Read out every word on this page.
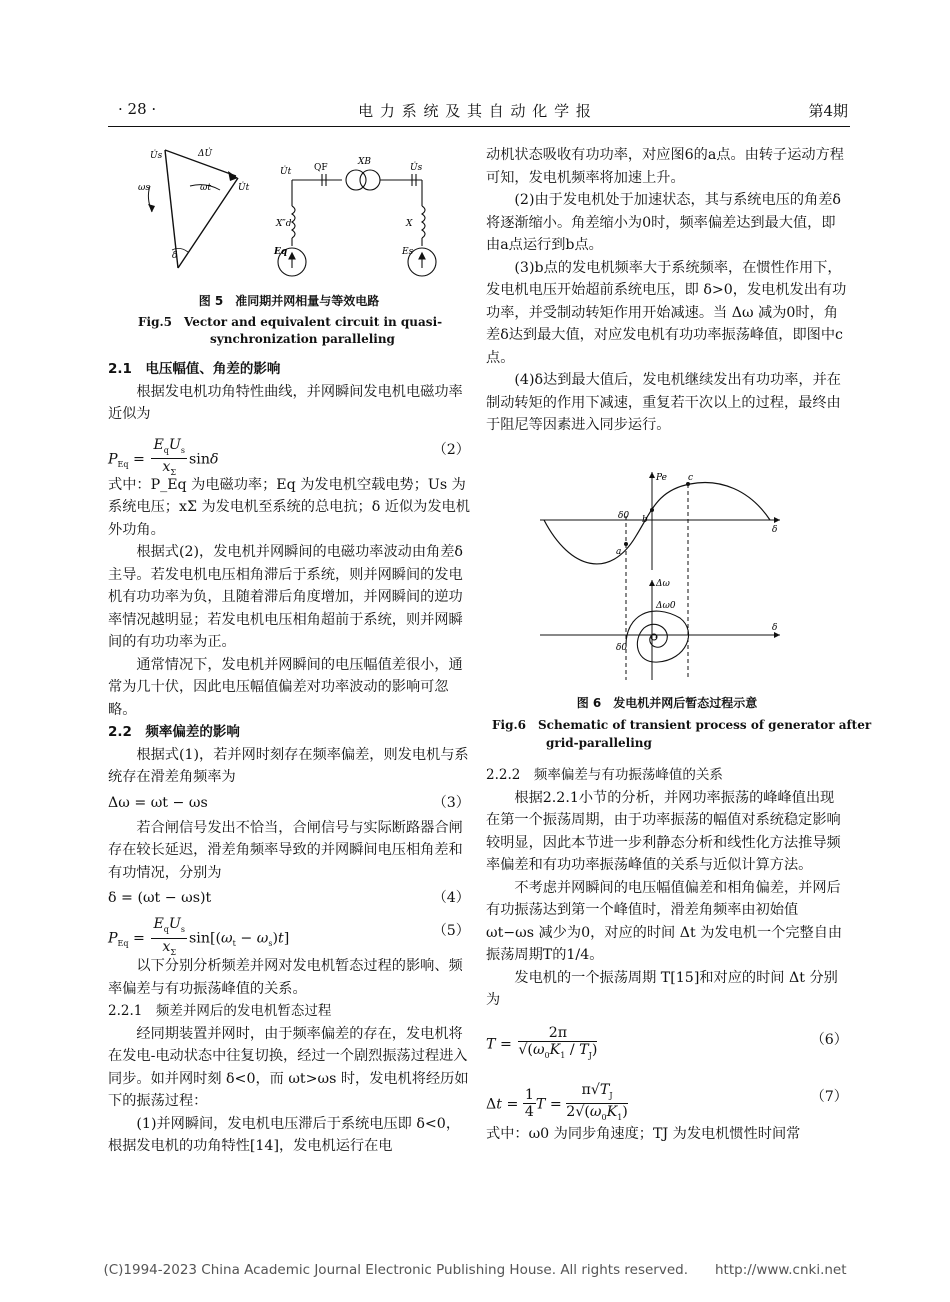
· 28 ·	电 力 系 统 及 其 自 动 化 学 报	第4期
U̇s	ΔU̇
U̇t
ωs	ωt
δ
U̇t	QF
XB
U̇s
X″d	X
Eq	Es
图 5　准同期并网相量与等效电路
Fig.5　Vector and equivalent circuit in quasi-
synchronization paralleling

2.1　电压幅值、角差的影响

根据发电机功角特性曲线，并网瞬间发电机电磁功率近似为

$P_{Eq} = \frac{E_qU_s}{x_\Sigma}$ sinδ
（2）

式中：P_Eq 为电磁功率；Eq 为发电机空载电势；Us 为系统电压；xΣ 为发电机至系统的总电抗；δ 近似为发电机外功角。

根据式(2)，发电机并网瞬间的电磁功率波动由角差δ主导。若发电机电压相角滞后于系统，则并网瞬间的发电机有功功率为负，且随着滞后角度增加，并网瞬间的逆功率情况越明显；若发电机电压相角超前于系统，则并网瞬间的有功功率为正。

通常情况下，发电机并网瞬间的电压幅值差很小，通常为几十伏，因此电压幅值偏差对功率波动的影响可忽略。

2.2　频率偏差的影响

根据式(1)，若并网时刻存在频率偏差，则发电机与系统存在滑差角频率为

Δω = ωt − ωs	（3）

若合闸信号发出不恰当，合闸信号与实际断路器合闸存在较长延迟，滑差角频率导致的并网瞬间电压相角差和有功情况，分别为

δ = (ωt − ωs)t	（4）
$P_{Eq} = \frac{E_qU_s}{x_\Sigma} \sin[(\omega_t - \omega_s)t]$	（5）

以下分别分析频差并网对发电机暂态过程的影响、频率偏差与有功振荡峰值的关系。

2.2.1　频差并网后的发电机暂态过程

经同期装置并网时，由于频率偏差的存在，发电机将在发电-电动状态中往复切换，经过一个剧烈振荡过程进入同步。如并网时刻 δ<0，而 ωt>ωs 时，发电机将经历如下的振荡过程：

(1)并网瞬间，发电机电压滞后于系统电压即 δ<0，根据发电机的功角特性[14]，发电机运行在电

动机状态吸收有功功率，对应图6的a点。由转子运动方程可知，发电机频率将加速上升。

(2)由于发电机处于加速状态，其与系统电压的角差δ将逐渐缩小。角差缩小为0时，频率偏差达到最大值，即由a点运行到b点。

(3)b点的发电机频率大于系统频率，在惯性作用下，发电机电压开始超前系统电压，即 δ>0，发电机发出有功功率，并受制动转矩作用开始减速。当 Δω 减为0时，角差δ达到最大值，对应发电机有功功率振荡峰值，即图中c点。

(4)δ达到最大值后，发电机继续发出有功功率，并在制动转矩的作用下减速，重复若干次以上的过程，最终由于阻尼等因素进入同步运行。

Pe
δ
δ0
a
b
c
Δω
Δω0
δ
δ0
图 6　发电机并网后暂态过程示意
Fig.6　Schematic of transient process of generator after
grid-paralleling

2.2.2　频率偏差与有功振荡峰值的关系

根据2.2.1小节的分析，并网功率振荡的峰峰值出现在第一个振荡周期，由于功率振荡的幅值对系统稳定影响较明显，因此本节进一步利静态分析和线性化方法推导频率偏差和有功功率振荡峰值的关系与近似计算方法。

不考虑并网瞬间的电压幅值偏差和相角偏差，并网后有功振荡达到第一个峰值时，滑差角频率由初始值 ωt−ωs 减少为0，对应的时间 Δt 为发电机一个完整自由振荡周期T的1/4。

发电机的一个振荡周期 T[15]和对应的时间 Δt 分别为

$T = \frac{2\pi}{√(\omega_0K_1 / T_J)}$	（6）
$\Delta t = \frac{1}{4}$ $T = \frac{\pi√T_J}{2√(\omega_0K_1)}$	（7）

式中：ω0 为同步角速度；TJ 为发电机惯性时间常

(C)1994-2023 China Academic Journal Electronic Publishing House. All rights reserved.　　http://www.cnki.net
